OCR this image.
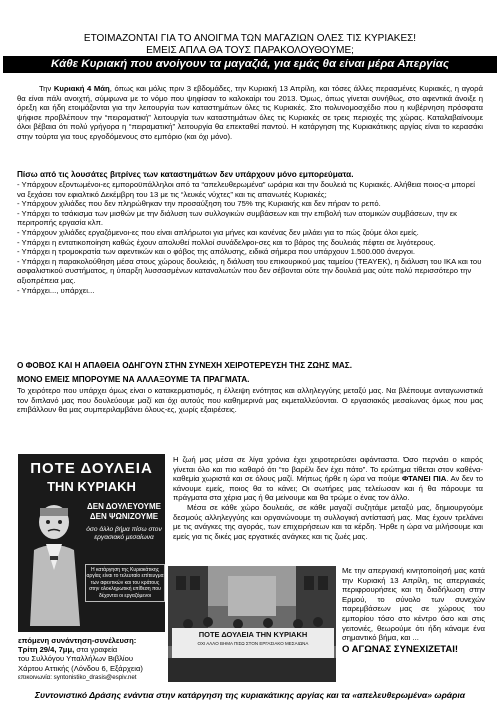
ΕΤΟΙΜΑΖΟΝΤΑΙ ΓΙΑ ΤΟ ΑΝΟΙΓΜΑ ΤΩΝ ΜΑΓΑΖΙΩΝ ΟΛΕΣ ΤΙΣ ΚΥΡΙΑΚΕΣ!
ΕΜΕΙΣ ΑΠΛΑ ΘΑ ΤΟΥΣ ΠΑΡΑΚΟΛΟΥΘΟΥΜΕ;
Κάθε Κυριακή που ανοίγουν τα μαγαζιά, για εμάς θα είναι μέρα Απεργίας
Την Κυριακή 4 Μάη, όπως και μόλις πριν 3 εβδομάδες, την Κυριακή 13 Απρίλη, και τόσες άλλες περασμένες Κυριακές, η αγορά θα είναι πάλι ανοιχτή, σύμφωνα με το νόμο που ψηφίσαν το καλοκαίρι του 2013. Όμως, όπως γίνεται συνήθως, στο αφεντικά άνοιξε η όρεξη και ήδη ετοιμάζονται για την λειτουργία των καταστημάτων όλες τις Κυριακές. Στο πολυνομοσχέδιο που η κυβέρνηση πρόσφατα ψήφισε προβλέπουν την “πειραματική” λειτουργία των καταστημάτων όλες τις Κυριακές σε τρεις περιοχές της χώρας. Καταλαβαίνουμε όλοι βέβαια ότι πολύ γρήγορα η “πειραματική” λειτουργία θα επεκταθεί παντού. Η κατάργηση της Κυριακάτικης αργίας είναι το κερασάκι στην τούρτα για τους εργοδόμενους στο εμπόριο (και όχι μόνο).
Πίσω από τις λουσάτες βιτρίνες των καταστημάτων δεν υπάρχουν μόνο εμπορεύματα.
- Υπάρχουν εξοντωμένοι-ες εμποροϋπάλληλοι από τα “απελευθερωμένα” ωράρια και την δουλειά τις Κυριακές. Αλήθεια ποιος-α μπορεί να ξεχάσει τον εφιαλτικό Δεκέμβρη του 13 με τις “λευκές νύχτες” και τις απανωτές Κυριακές;
- Υπάρχουν χιλιάδες που δεν πληρώθηκαν την προσαύξηση του 75% της Κυριακής και δεν πήραν το ρεπό.
- Υπάρχει το τσάκισμα των μισθών με την διάλυση των συλλογικών συμβάσεων και την επιβολή των ατομικών συμβάσεων, την εκ περιτροπής εργασία κλπ.
- Υπάρχουν χιλιάδες εργαζόμενοι-ες που είναι απλήρωτοι για μήνες και κανένας δεν μιλάει για το πώς ζούμε όλοι εμείς.
- Υπάρχει η εντατικοποίηση καθώς έχουν απολυθεί πολλοί συνάδελφοι-σες και το βάρος της δουλειάς πέφτει σε λιγότερους.
- Υπάρχει η τρομοκρατία των αφεντικών και ο φόβος της απόλυσης, ειδικά σήμερα που υπάρχουν 1.500.000 άνεργοι.
- Υπάρχει η παρακολούθηση μέσα στους χώρους δουλειάς, η διάλυση του επικουρικού μας ταμείου (ΤΕΑΥΕΚ), η διάλυση του ΙΚΑ και του ασφαλιστικού συστήματος, η ύπαρξη λυσσασμένων καταναλωτών που δεν σέβονται ούτε την δουλειά μας ούτε πολύ περισσότερο την αξιοπρέπεια μας.
- Υπάρχει..., υπάρχει...
Ο ΦΟΒΟΣ ΚΑΙ Η ΑΠΑΘΕΙΑ ΟΔΗΓΟΥΝ ΣΤΗΝ ΣΥΝΕΧΗ ΧΕΙΡΟΤΕΡΕΥΣΗ ΤΗΣ ΖΩΗΣ ΜΑΣ.
ΜΟΝΟ ΕΜΕΙΣ ΜΠΟΡΟΥΜΕ ΝΑ ΑΛΛΑΞΟΥΜΕ ΤΑ ΠΡΑΓΜΑΤΑ.
Το χειρότερο που υπάρχει όμως είναι ο κατακερματισμός, η έλλειψη ενότητας και αλληλεγγύης μεταξύ μας. Να βλέπουμε ανταγωνιστικά τον διπλανό μας που δουλεύουμε μαζί και όχι αυτούς που καθημερινά μας εκμεταλλεύονται. Ο εργασιακός μεσαίωνας όμως που μας επιβάλλουν θα μας συμπεριλαμβάνει όλους-ες, χωρίς εξαιρέσεις.
ΠΟΤΕ ΔΟΥΛΕΙΑ
ΤΗΝ ΚΥΡΙΑΚΗ
ΔΕΝ ΔΟΥΛΕΥΟΥΜΕ ΔΕΝ ΨΩΝΙΖΟΥΜΕ
όσο άλλο βήμα πίσω στον εργασιακό μεσαίωνα
Η κατάργηση της Κυριακάτικης αργίας είναι το τελευταίο επίτευγμα των αφεντικών και του κράτους στην ολοκληρωτική επίθεση που δέχονται οι εργαζόμενοι
επόμενη συνάντηση-συνέλευση:
Τρίτη 29/4, 7μμ, στα γραφεία
του Συλλόγου Υπαλλήλων Βιβλίου
Χάρτου Αττικής (Λόνδου 6, Εξάρχεια)
επικοινωνία: syntonistiko_drasis@espiv.net
Η ζωή μας μέσα σε λίγα χρόνια έχει χειροτερεύσει αφάνταστα. Όσο περνάει ο καιρός γίνεται όλο και πιο καθαρό ότι “το βαρέλι δεν έχει πάτο”. Το ερώτημα τίθεται στον καθένα-καθεμία χωριστά και σε όλους μαζί. Μήπως ήρθε η ώρα να πούμε ΦΤΑΝΕΙ ΠΙΑ. Αν δεν το κάνουμε εμείς, ποιος θα το κάνει; Οι σωτήρες μας τελείωσαν και ή θα πάρουμε τα πράγματα στα χέρια μας ή θα μείνουμε και θα τρώμε ο ένας τον άλλο.
Μέσα σε κάθε χώρο δουλειάς, σε κάθε μαγαζί συζητάμε μεταξύ μας, δημιουργούμε δεσμούς αλληλεγγύης και οργανώνουμε τη συλλογική αντίστασή μας. Μας έχουν τρελάνει με τις ανάγκες της αγοράς, των επιχειρήσεων και τα κέρδη. Ήρθε η ώρα να μιλήσουμε και εμείς για τις δικές μας εργατικές ανάγκες και τις ζωές μας.
ΠΟΤΕ ΔΟΥΛΕΙΑ ΤΗΝ ΚΥΡΙΑΚΗ
ΟΧΙ ΑΛΛΟ ΒΗΜΑ ΠΙΣΩ ΣΤΟΝ ΕΡΓΑΣΙΑΚΟ ΜΕΣΑΙΩΝΑ
Με την απεργιακή κινητοποίησή μας κατά την Κυριακή 13 Απρίλη, τις απεργιακές περιφρουρήσεις και τη διαδήλωση στην Ερμού, το σύνολο των συνεχών παρεμβάσεων μας σε χώρους του εμπορίου τόσο στο κέντρο όσο και στις γειτονιές, θεωρούμε ότι ήδη κάναμε ένα σημαντικό βήμα, και ...
Ο ΑΓΩΝΑΣ ΣΥΝΕΧΙΖΕΤΑΙ!
Συντονιστικό Δράσης ενάντια στην κατάργηση της κυριακάτικης αργίας και τα «απελευθερωμένα» ωράρια
